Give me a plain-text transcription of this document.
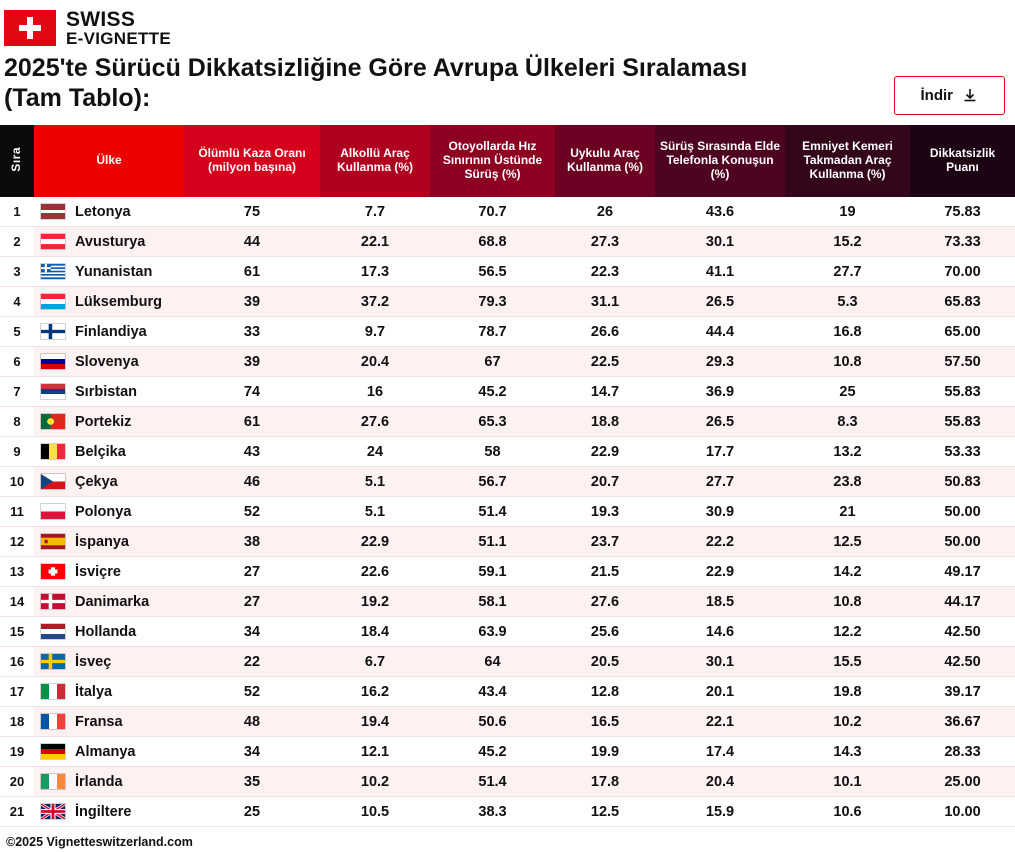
SWISS
E-VIGNETTE
2025'te Sürücü Dikkatsizliğine Göre Avrupa Ülkeleri Sıralaması (Tam Tablo):	İndir
Sıra	Ülke	Ölümlü Kaza Oranı (milyon başına)	Alkollü Araç Kullanma (%)	Otoyollarda Hız Sınırının Üstünde Sürüş (%)	Uykulu Araç Kullanma (%)	Sürüş Sırasında Elde Telefonla Konuşun (%)	Emniyet Kemeri Takmadan Araç Kullanma (%)	Dikkatsizlik Puanı
1	Letonya	75	7.7	70.7	26	43.6	19	75.83
2	Avusturya	44	22.1	68.8	27.3	30.1	15.2	73.33
3	Yunanistan	61	17.3	56.5	22.3	41.1	27.7	70.00
4	Lüksemburg	39	37.2	79.3	31.1	26.5	5.3	65.83
5	Finlandiya	33	9.7	78.7	26.6	44.4	16.8	65.00
6	Slovenya	39	20.4	67	22.5	29.3	10.8	57.50
7	Sırbistan	74	16	45.2	14.7	36.9	25	55.83
8	Portekiz	61	27.6	65.3	18.8	26.5	8.3	55.83
9	Belçika	43	24	58	22.9	17.7	13.2	53.33
10	Çekya	46	5.1	56.7	20.7	27.7	23.8	50.83
11	Polonya	52	5.1	51.4	19.3	30.9	21	50.00
12	İspanya	38	22.9	51.1	23.7	22.2	12.5	50.00
13	İsviçre	27	22.6	59.1	21.5	22.9	14.2	49.17
14	Danimarka	27	19.2	58.1	27.6	18.5	10.8	44.17
15	Hollanda	34	18.4	63.9	25.6	14.6	12.2	42.50
16	İsveç	22	6.7	64	20.5	30.1	15.5	42.50
17	İtalya	52	16.2	43.4	12.8	20.1	19.8	39.17
18	Fransa	48	19.4	50.6	16.5	22.1	10.2	36.67
19	Almanya	34	12.1	45.2	19.9	17.4	14.3	28.33
20	İrlanda	35	10.2	51.4	17.8	20.4	10.1	25.00
21	İngiltere	25	10.5	38.3	12.5	15.9	10.6	10.00
©2025 Vignetteswitzerland.com
